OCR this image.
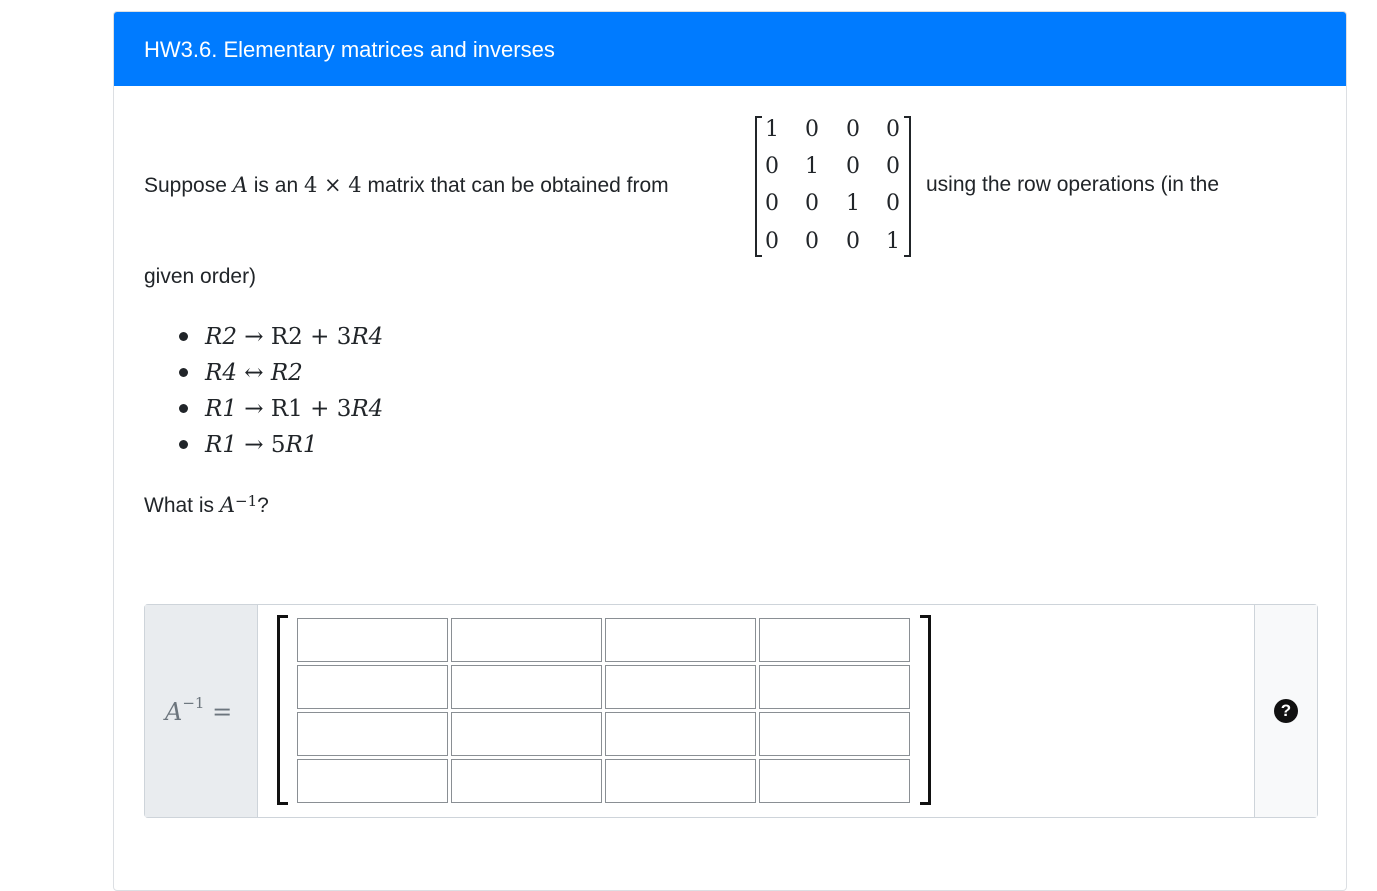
HW3.6. Elementary matrices and inverses
Suppose A is an 4 × 4 matrix that can be obtained from
1	0	0	0
0	1	0	0
0	0	1	0
0	0	0	1
using the row operations (in the
given order)
R2 → R2 + 3R4
R4 ↔ R2
R1 → R1 + 3R4
R1 → 5R1
What is $A^{-1}$?
$A^{-1}$ =	?
